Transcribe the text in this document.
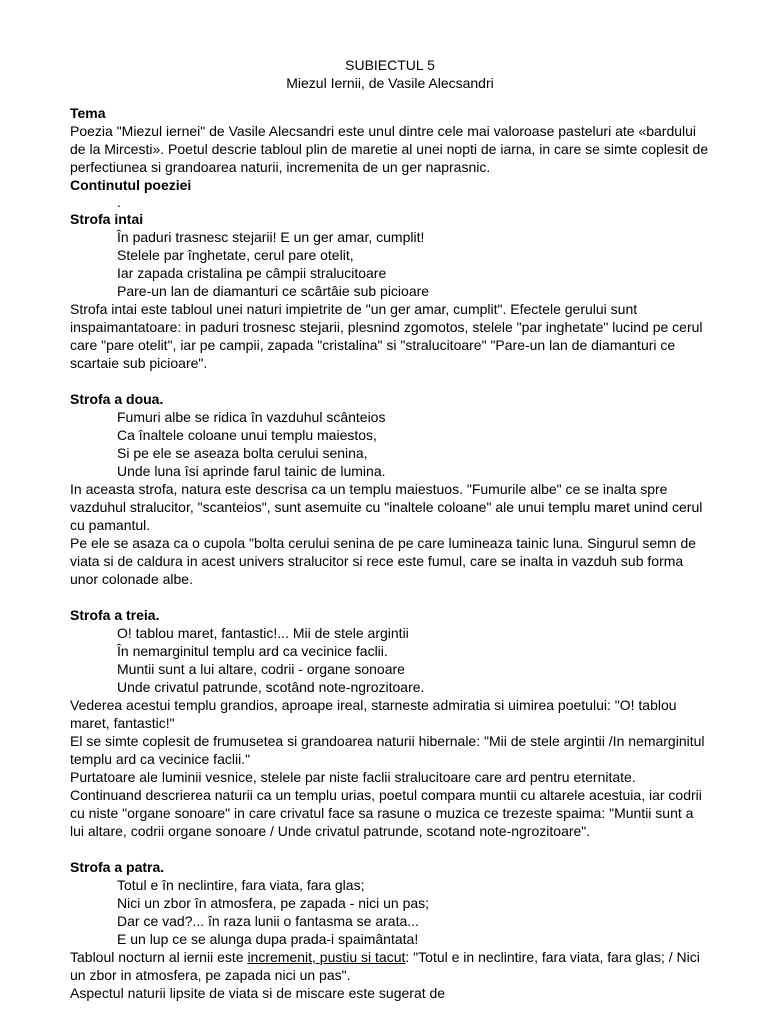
SUBIECTUL 5
Miezul Iernii, de Vasile Alecsandri
Tema
Poezia "Miezul iernei" de Vasile Alecsandri este unul dintre cele mai valoroase pasteluri ate «bardului de la Mircesti». Poetul descrie tabloul plin de maretie al unei nopti de iarna, in care se simte coplesit de perfectiunea si grandoarea naturii, incremenita de un ger naprasnic.
Continutul poeziei
.
Strofa intai
În paduri trasnesc stejarii! E un ger amar, cumplit!
Stelele par înghetate, cerul pare otelit,
Iar zapada cristalina pe câmpii stralucitoare
Pare-un lan de diamanturi ce scârtâie sub picioare
Strofa intai este tabloul unei naturi impietrite de "un ger amar, cumplit". Efectele gerului sunt inspaimantatoare: in paduri trosnesc stejarii, plesnind zgomotos, stelele "par inghetate" lucind pe cerul care "pare otelit", iar pe campii, zapada "cristalina" si "stralucitoare" "Pare-un lan de diamanturi ce scartaie sub picioare".
Strofa a doua.
Fumuri albe se ridica în vazduhul scânteios
Ca înaltele coloane unui templu maiestos,
Si pe ele se aseaza bolta cerului senina,
Unde luna îsi aprinde farul tainic de lumina.
In aceasta strofa, natura este descrisa ca un templu maiestuos. "Fumurile albe" ce se inalta spre vazduhul stralucitor, "scanteios", sunt asemuite cu "inaltele coloane" ale unui templu maret unind cerul cu pamantul.
Pe ele se asaza ca o cupola "bolta cerului senina de pe care lumineaza tainic luna. Singurul semn de viata si de caldura in acest univers stralucitor si rece este fumul, care se inalta in vazduh sub forma unor colonade albe.
Strofa a treia.
O! tablou maret, fantastic!... Mii de stele argintii
În nemarginitul templu ard ca vecinice faclii.
Muntii sunt a lui altare, codrii - organe sonoare
Unde crivatul patrunde, scotând note-ngrozitoare.
Vederea acestui templu grandios, aproape ireal, starneste admiratia si uimirea poetului: "O! tablou maret, fantastic!"
El se simte coplesit de frumusetea si grandoarea naturii hibernale: "Mii de stele argintii /In nemarginitul templu ard ca vecinice faclii."
Purtatoare ale luminii vesnice, stelele par niste faclii stralucitoare care ard pentru eternitate. Continuand descrierea naturii ca un templu urias, poetul compara muntii cu altarele acestuia, iar codrii cu niste "organe sonoare" in care crivatul face sa rasune o muzica ce trezeste spaima: "Muntii sunt a lui altare, codrii organe sonoare / Unde crivatul patrunde, scotand note-ngrozitoare".
Strofa a patra.
Totul e în neclintire, fara viata, fara glas;
Nici un zbor în atmosfera, pe zapada - nici un pas;
Dar ce vad?... în raza lunii o fantasma se arata...
E un lup ce se alunga dupa prada-i spaimântata!
Tabloul nocturn al iernii este incremenit, pustiu si tacut: "Totul e in neclintire, fara viata, fara glas; / Nici un zbor in atmosfera, pe zapada nici un pas".
Aspectul naturii lipsite de viata si de miscare este sugerat de
